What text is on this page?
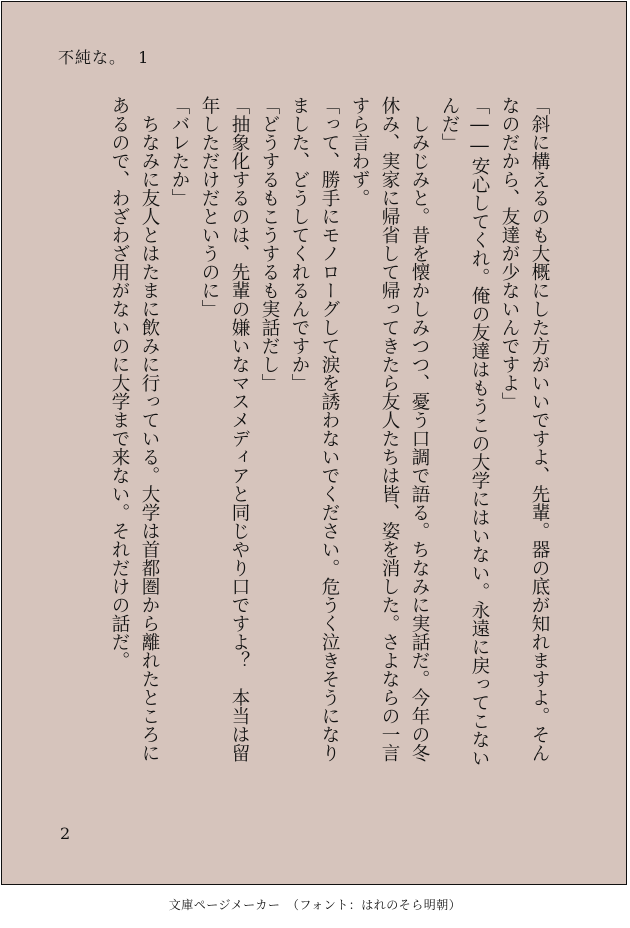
不純な。 1
「斜に構えるのも大概にした方がいいですよ、先輩。器の底が知れますよ。そん
なのだから、友達が少ないんですよ」
「――安心してくれ。俺の友達はもうこの大学にはいない。永遠に戻ってこない
んだ」
　しみじみと。昔を懐かしみつつ、憂う口調で語る。ちなみに実話だ。今年の冬
休み、実家に帰省して帰ってきたら友人たちは皆、姿を消した。さよならの一言
すら言わず。
「って、勝手にモノローグして涙を誘わないでください。危うく泣きそうになり
ました、どうしてくれるんですか」
「どうするもこうするも実話だし」
「抽象化するのは、先輩の嫌いなマスメディアと同じやり口ですよ？　本当は留
年しただけだというのに」
「バレたか」
　ちなみに友人とはたまに飲みに行っている。大学は首都圏から離れたところに
あるので、わざわざ用がないのに大学まで来ない。それだけの話だ。
2
文庫ページメーカー　（フォント：はれのそら明朝）
